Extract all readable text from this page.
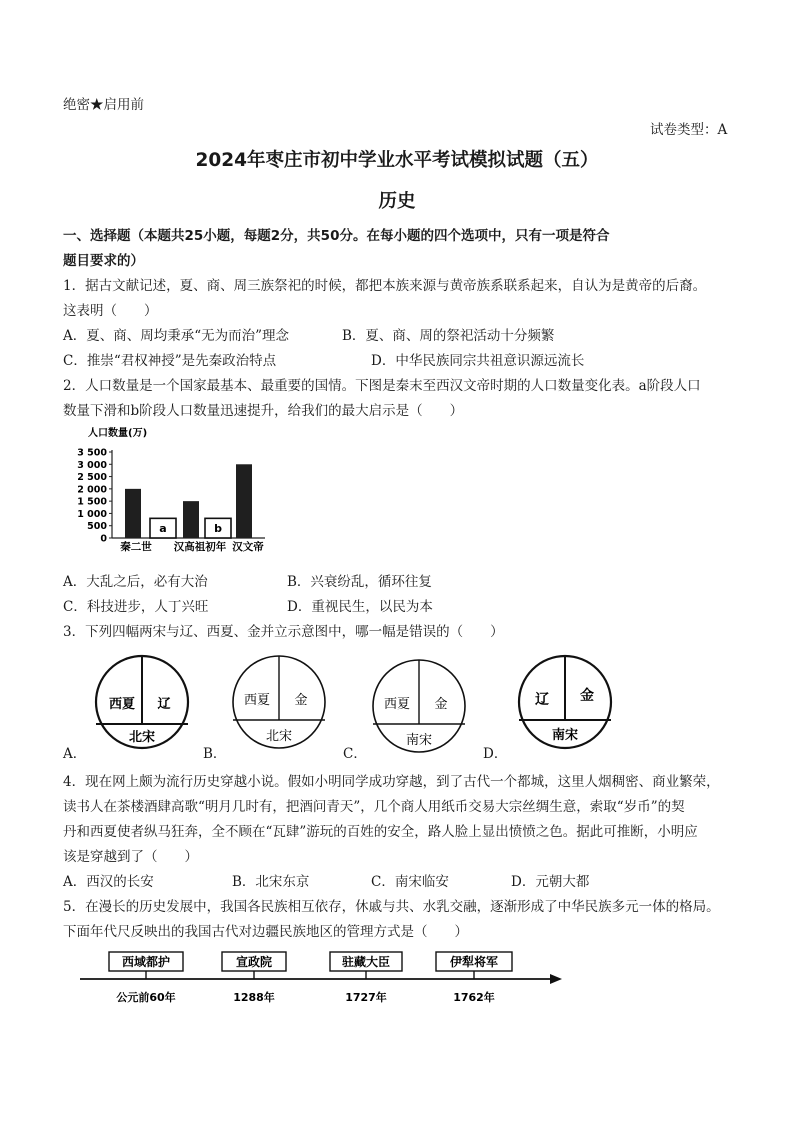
绝密★启用前
试卷类型：A
2024年枣庄市初中学业水平考试模拟试题（五）
历史
一、选择题（本题共25小题，每题2分，共50分。在每小题的四个选项中，只有一项是符合
题目要求的）
1．据古文献记述，夏、商、周三族祭祀的时候，都把本族来源与黄帝族系联系起来，自认为是黄帝的后裔。
这表明（　　）
A．夏、商、周均秉承“无为而治”理念	B．夏、商、周的祭祀活动十分频繁
C．推崇“君权神授”是先秦政治特点	D．中华民族同宗共祖意识源远流长
2．人口数量是一个国家最基本、最重要的国情。下图是秦末至西汉文帝时期的人口数量变化表。a阶段人口
数量下滑和b阶段人口数量迅速提升，给我们的最大启示是（　　）
人口数量(万)
0
500
1 000
1 500
2 000
2 500
3 000
3 500
a	b
秦二世 汉高祖初年 汉文帝
A．大乱之后，必有大治	B．兴衰纷乱，循环往复
C．科技进步，人丁兴旺	D．重视民生，以民为本
3．下列四幅两宋与辽、西夏、金并立示意图中，哪一幅是错误的（　　）
A．
西夏 辽
北宋
B．
西夏 金
北宋
C．
西夏 金
南宋
D．
辽 金
南宋
4．现在网上颇为流行历史穿越小说。假如小明同学成功穿越，到了古代一个都城，这里人烟稠密、商业繁荣，
读书人在茶楼酒肆高歌“明月几时有，把酒问青天”，几个商人用纸币交易大宗丝绸生意，索取“岁币”的契
丹和西夏使者纵马狂奔，全不顾在“瓦肆”游玩的百姓的安全，路人脸上显出愤愤之色。据此可推断，小明应
该是穿越到了（　　）
A．西汉的长安	B．北宋东京	C．南宋临安	D．元朝大都
5．在漫长的历史发展中，我国各民族相互依存，休戚与共、水乳交融，逐渐形成了中华民族多元一体的格局。
下面年代尺反映出的我国古代对边疆民族地区的管理方式是（　　）
西域都护
公元前60年
宣政院
1288年
驻藏大臣
1727年
伊犁将军
1762年
